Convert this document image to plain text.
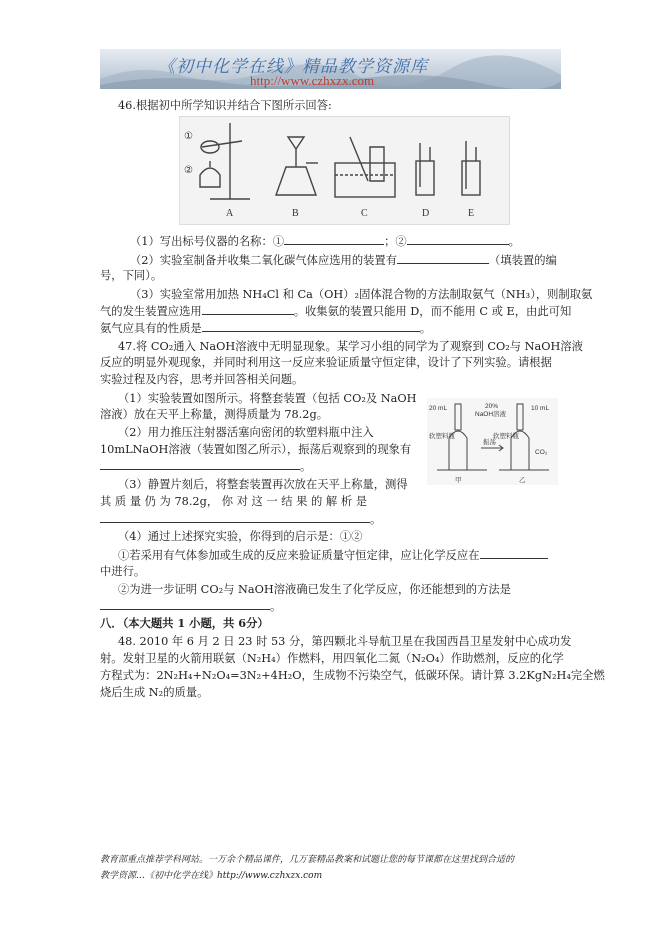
《初中化学在线》精品教学资源库
http://www.czhxzx.com
46.根据初中所学知识并结合下图所示回答:
①
②
A	B	C	D	E
（1）写出标号仪器的名称：①	；②	。
（2）实验室制备并收集二氧化碳气体应选用的装置有	（填装置的编
号，下同）。
（3）实验室常用加热 NH₄Cl 和 Ca（OH）₂固体混合物的方法制取氨气（NH₃），则制取氨
气的发生装置应选用	。收集氨的装置只能用 D，而不能用 C 或 E，由此可知
氨气应具有的性质是	。
47.将 CO₂通入 NaOH溶液中无明显现象。某学习小组的同学为了观察到 CO₂与 NaOH溶液
反应的明显外观现象，并同时利用这一反应来验证质量守恒定律，设计了下列实验。请根据
实验过程及内容，思考并回答相关问题。
（1）实验装置如图所示。将整套装置（包括 CO₂及 NaOH
溶液）放在天平上称量，测得质量为 78.2g。
（2）用力推压注射器活塞向密闭的软塑料瓶中注入
10mLNaOH溶液（装置如图乙所示），振荡后观察到的现象有
。
20 mL	20%
NaOH溶液
10 mL
软塑料瓶	软塑料瓶
振荡
CO₂
甲	乙
（3）静置片刻后，将整套装置再次放在天平上称量，测得
其 质 量 仍 为 78.2g， 你 对 这 一 结 果 的 解 析 是
。
（4）通过上述探究实验，你得到的启示是：①②
①若采用有气体参加或生成的反应来验证质量守恒定律，应让化学反应在
中进行。
②为进一步证明 CO₂与 NaOH溶液确已发生了化学反应，你还能想到的方法是
。
八．（本大题共 1 小题，共 6分）
48. 2010 年 6 月 2 日 23 时 53 分，第四颗北斗导航卫星在我国西昌卫星发射中心成功发
射。发射卫星的火箭用联氨（N₂H₄）作燃料，用四氧化二氮（N₂O₄）作助燃剂，反应的化学
方程式为：2N₂H₄+N₂O₄=3N₂+4H₂O，生成物不污染空气，低碳环保。请计算 3.2KgN₂H₄完全燃
烧后生成 N₂的质量。
教育部重点推荐学科网站。一万余个精品课件，几万套精品教案和试题让您的每节课都在这里找到合适的
教学资源…《初中化学在线》http://www.czhxzx.com
